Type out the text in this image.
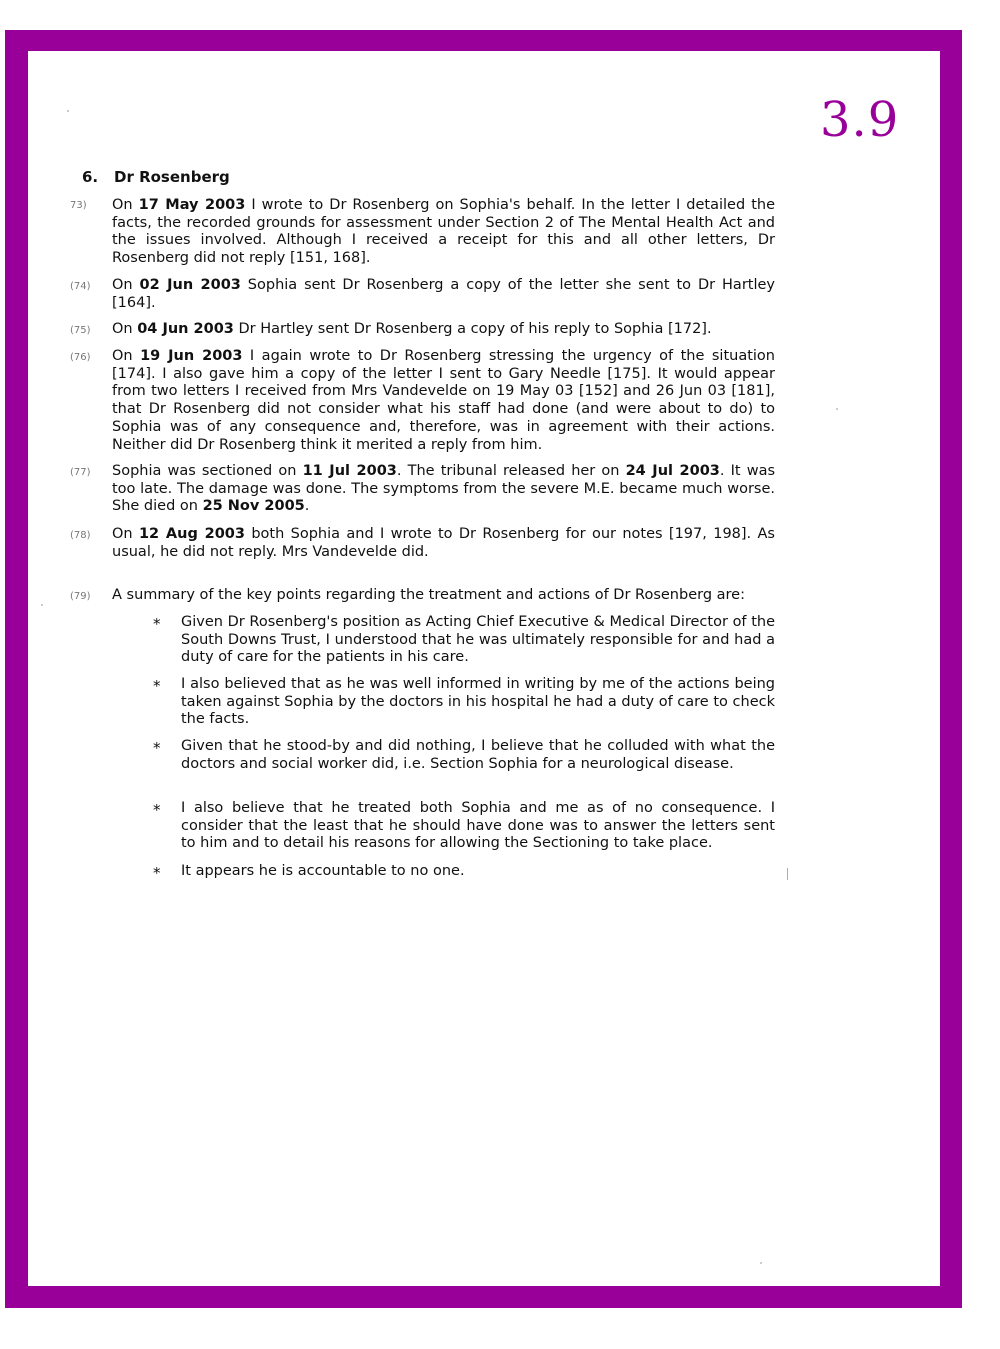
3.9
6. Dr Rosenberg
73) On 17 May 2003 I wrote to Dr Rosenberg on Sophia's behalf. In the letter I detailed the facts, the recorded grounds for assessment under Section 2 of The Mental Health Act and the issues involved. Although I received a receipt for this and all other letters, Dr Rosenberg did not reply [151, 168].

(74) On 02 Jun 2003 Sophia sent Dr Rosenberg a copy of the letter she sent to Dr Hartley [164].

(75) On 04 Jun 2003 Dr Hartley sent Dr Rosenberg a copy of his reply to Sophia [172].

(76) On 19 Jun 2003 I again wrote to Dr Rosenberg stressing the urgency of the situation [174]. I also gave him a copy of the letter I sent to Gary Needle [175]. It would appear from two letters I received from Mrs Vandevelde on 19 May 03 [152] and 26 Jun 03 [181], that Dr Rosenberg did not consider what his staff had done (and were about to do) to Sophia was of any consequence and, therefore, was in agreement with their actions. Neither did Dr Rosenberg think it merited a reply from him.

(77) Sophia was sectioned on 11 Jul 2003. The tribunal released her on 24 Jul 2003. It was too late. The damage was done. The symptoms from the severe M.E. became much worse. She died on 25 Nov 2005.

(78) On 12 Aug 2003 both Sophia and I wrote to Dr Rosenberg for our notes [197, 198]. As usual, he did not reply. Mrs Vandevelde did.

(79) A summary of the key points regarding the treatment and actions of Dr Rosenberg are:

* Given Dr Rosenberg's position as Acting Chief Executive & Medical Director of the South Downs Trust, I understood that he was ultimately responsible for and had a duty of care for the patients in his care.

* I also believed that as he was well informed in writing by me of the actions being taken against Sophia by the doctors in his hospital he had a duty of care to check the facts.

* Given that he stood-by and did nothing, I believe that he colluded with what the doctors and social worker did, i.e. Section Sophia for a neurological disease.

* I also believe that he treated both Sophia and me as of no consequence. I consider that the least that he should have done was to answer the letters sent to him and to detail his reasons for allowing the Sectioning to take place.

* It appears he is accountable to no one.
